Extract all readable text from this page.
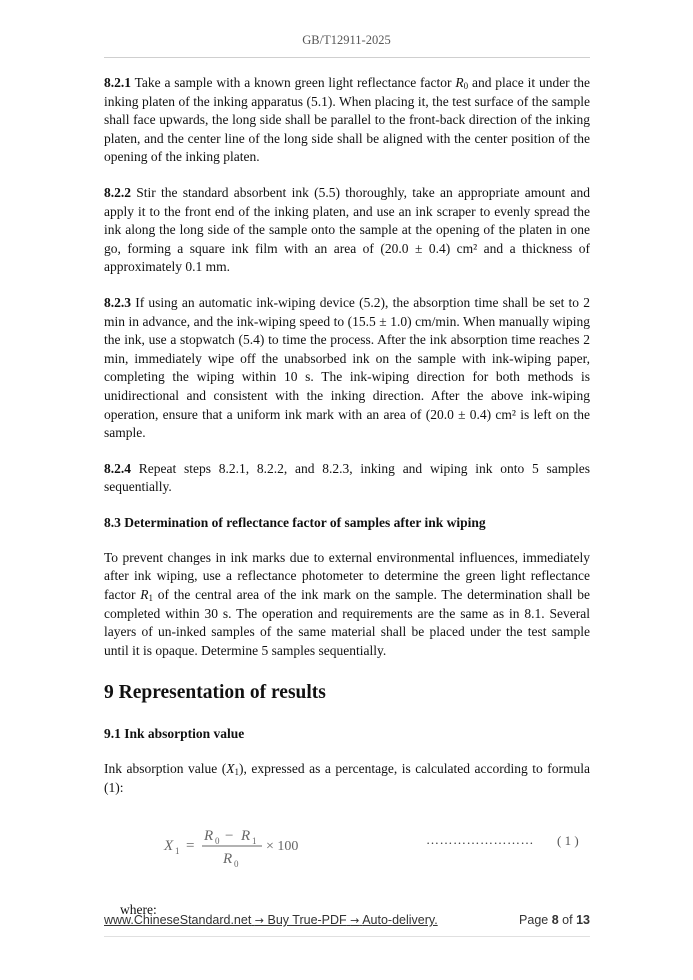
GB/T12911-2025

8.2.1 Take a sample with a known green light reflectance factor $R_0$ and place it under the inking platen of the inking apparatus (5.1). When placing it, the test surface of the sample shall face upwards, the long side shall be parallel to the front-back direction of the inking platen, and the center line of the long side shall be aligned with the center position of the opening of the inking platen.

8.2.2 Stir the standard absorbent ink (5.5) thoroughly, take an appropriate amount and apply it to the front end of the inking platen, and use an ink scraper to evenly spread the ink along the long side of the sample onto the sample at the opening of the platen in one go, forming a square ink film with an area of (20.0 ± 0.4) cm² and a thickness of approximately 0.1 mm.

8.2.3 If using an automatic ink-wiping device (5.2), the absorption time shall be set to 2 min in advance, and the ink-wiping speed to (15.5 ± 1.0) cm/min. When manually wiping the ink, use a stopwatch (5.4) to time the process. After the ink absorption time reaches 2 min, immediately wipe off the unabsorbed ink on the sample with ink-wiping paper, completing the wiping within 10 s. The ink-wiping direction for both methods is unidirectional and consistent with the inking direction. After the above ink-wiping operation, ensure that a uniform ink mark with an area of (20.0 ± 0.4) cm² is left on the sample.

8.2.4 Repeat steps 8.2.1, 8.2.2, and 8.2.3, inking and wiping ink onto 5 samples sequentially.

8.3 Determination of reflectance factor of samples after ink wiping

To prevent changes in ink marks due to external environmental influences, immediately after ink wiping, use a reflectance photometer to determine the green light reflectance factor $R_1$ of the central area of the ink mark on the sample. The determination shall be completed within 30 s. The operation and requirements are the same as in 8.1. Several layers of un-inked samples of the same material shall be placed under the test sample until it is opaque. Determine 5 samples sequentially.

9 Representation of results
9.1 Ink absorption value

Ink absorption value $(X_1)$, expressed as a percentage, is calculated according to formula (1):

X 1 =
R 0 − R 1
R 0
× 100	…………………… ( 1 )

where:

www.ChineseStandard.net → Buy True-PDF → Auto-delivery.	Page 8 of 13
